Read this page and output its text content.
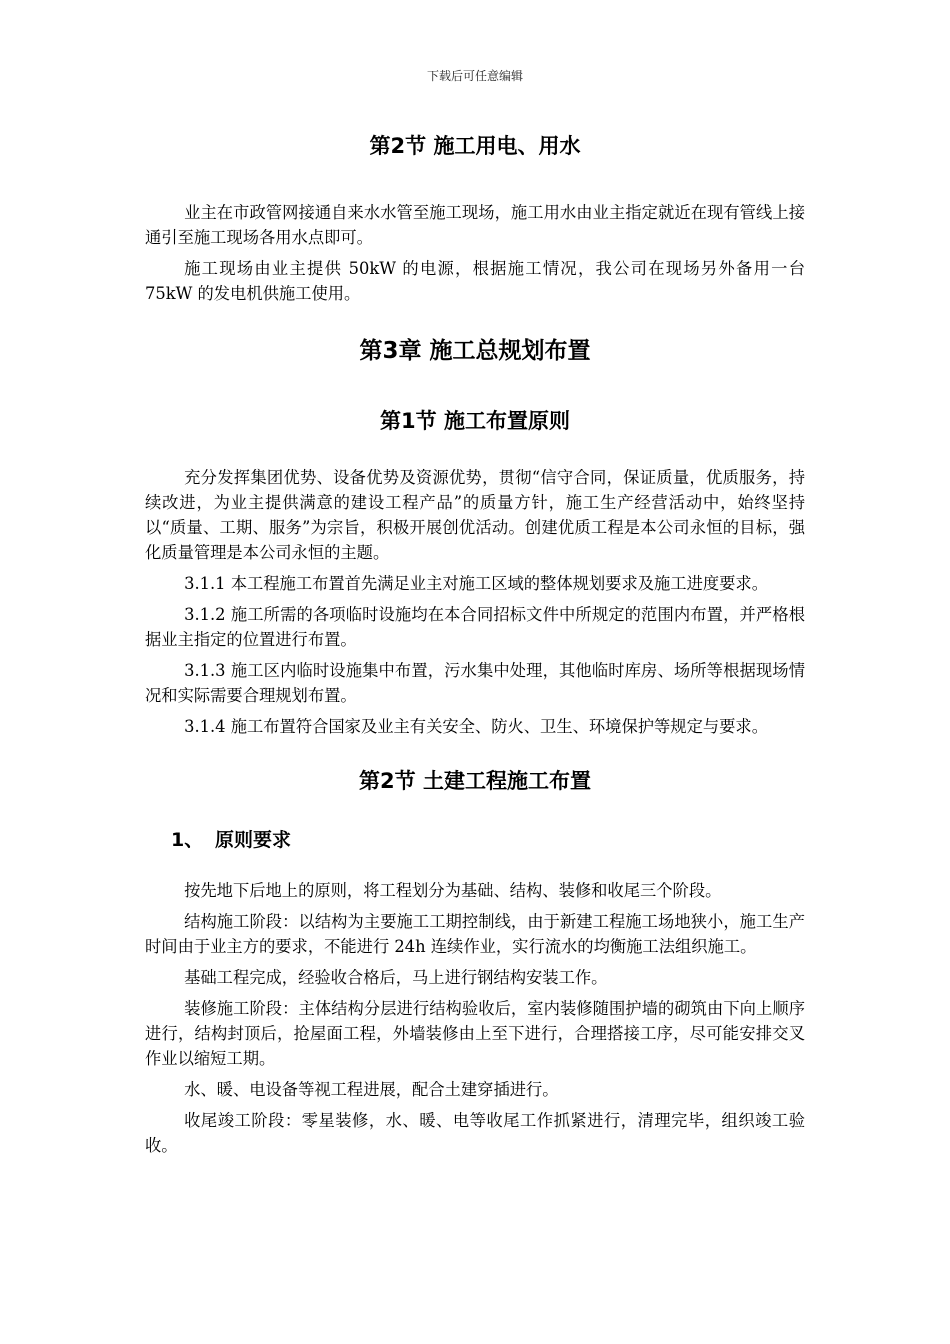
下载后可任意编辑
第2节 施工用电、用水

业主在市政管网接通自来水水管至施工现场，施工用水由业主指定就近在现有管线上接通引至施工现场各用水点即可。

施工现场由业主提供 50kW 的电源，根据施工情况，我公司在现场另外备用一台 75kW 的发电机供施工使用。

第3章 施工总规划布置
第1节 施工布置原则

充分发挥集团优势、设备优势及资源优势，贯彻“信守合同，保证质量，优质服务，持续改进，为业主提供满意的建设工程产品”的质量方针，施工生产经营活动中，始终坚持以“质量、工期、服务”为宗旨，积极开展创优活动。创建优质工程是本公司永恒的目标，强化质量管理是本公司永恒的主题。

3.1.1 本工程施工布置首先满足业主对施工区域的整体规划要求及施工进度要求。

3.1.2 施工所需的各项临时设施均在本合同招标文件中所规定的范围内布置，并严格根据业主指定的位置进行布置。

3.1.3 施工区内临时设施集中布置，污水集中处理，其他临时库房、场所等根据现场情况和实际需要合理规划布置。

3.1.4 施工布置符合国家及业主有关安全、防火、卫生、环境保护等规定与要求。

第2节 土建工程施工布置
1、 原则要求

按先地下后地上的原则，将工程划分为基础、结构、装修和收尾三个阶段。

结构施工阶段：以结构为主要施工工期控制线，由于新建工程施工场地狭小，施工生产时间由于业主方的要求，不能进行 24h 连续作业，实行流水的均衡施工法组织施工。

基础工程完成，经验收合格后，马上进行钢结构安装工作。

装修施工阶段：主体结构分层进行结构验收后，室内装修随围护墙的砌筑由下向上顺序进行，结构封顶后，抢屋面工程，外墙装修由上至下进行，合理搭接工序，尽可能安排交叉作业以缩短工期。

水、暖、电设备等视工程进展，配合土建穿插进行。

收尾竣工阶段：零星装修，水、暖、电等收尾工作抓紧进行，清理完毕，组织竣工验收。
